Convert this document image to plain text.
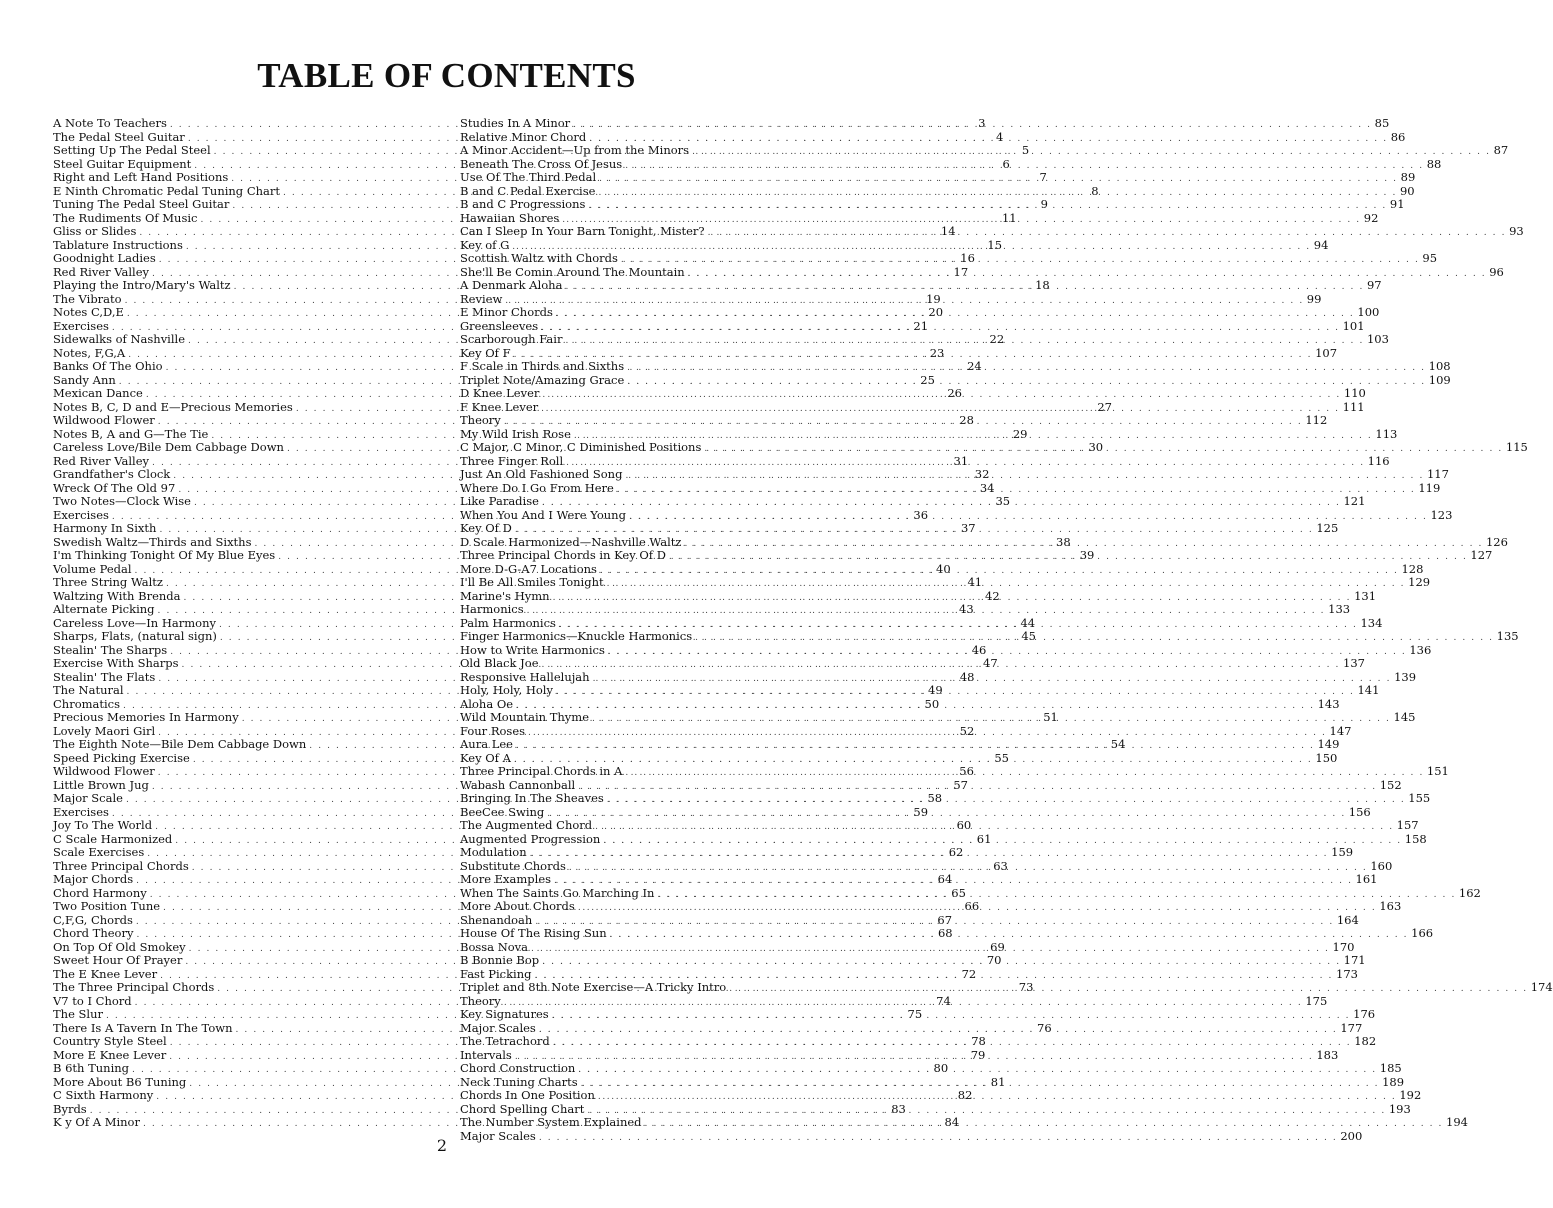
TABLE OF CONTENTS
A Note To Teachers . . .	3
The Pedal Steel Guitar . . .	4
Setting Up The Pedal Steel . . .	5
Steel Guitar Equipment . . .	6
Right and Left Hand Positions . . .	7
E Ninth Chromatic Pedal Tuning Chart . . .	8
Tuning The Pedal Steel Guitar . . .	9
The Rudiments Of Music . . .	11
Gliss or Slides . . .	14
Tablature Instructions . . .	15
Goodnight Ladies . . .	16
Red River Valley . . .	17
Playing the Intro/Mary's Waltz . . .	18
The Vibrato . . .	19
Notes C,D,E . . .	20
Exercises . . .	21
Sidewalks of Nashville . . .	22
Notes, F,G,A . . .	23
Banks Of The Ohio . . .	24
Sandy Ann . . .	25
Mexican Dance . . .	26
Notes B, C, D and E—Precious Memories . . .	27
Wildwood Flower . . .	28
Notes B, A and G—The Tie . . .	29
Careless Love/Bile Dem Cabbage Down . . .	30
Red River Valley . . .	31
Grandfather's Clock . . .	32
Wreck Of The Old 97 . . .	34
Two Notes—Clock Wise . . .	35
Exercises . . .	36
Harmony In Sixth . . .	37
Swedish Waltz—Thirds and Sixths . . .	38
I'm Thinking Tonight Of My Blue Eyes . . .	39
Volume Pedal . . .	40
Three String Waltz . . .	41
Waltzing With Brenda . . .	42
Alternate Picking . . .	43
Careless Love—In Harmony . . .	44
Sharps, Flats, (natural sign) . . .	45
Stealin' The Sharps . . .	46
Exercise With Sharps . . .	47
Stealin' The Flats . . .	48
The Natural . . .	49
Chromatics . . .	50
Precious Memories In Harmony . . .	51
Lovely Maori Girl . . .	52
The Eighth Note—Bile Dem Cabbage Down . . .	54
Speed Picking Exercise . . .	55
Wildwood Flower . . .	56
Little Brown Jug . . .	57
Major Scale . . .	58
Exercises . . .	59
Joy To The World . . .	60
C Scale Harmonized . . .	61
Scale Exercises . . .	62
Three Principal Chords . . .	63
Major Chords . . .	64
Chord Harmony . . .	65
Two Position Tune . . .	66
C,F,G, Chords . . .	67
Chord Theory . . .	68
On Top Of Old Smokey . . .	69
Sweet Hour Of Prayer . . .	70
The E Knee Lever . . .	72
The Three Principal Chords . . .	73
V7 to I Chord . . .	74
The Slur . . .	75
There Is A Tavern In The Town . . .	76
Country Style Steel . . .	78
More E Knee Lever . . .	79
B 6th Tuning . . .	80
More About B6 Tuning . . .	81
C Sixth Harmony . . .	82
Byrds . . .	83
K y Of A Minor . . .	84
Studies In A Minor . . .	85
Relative Minor Chord . . .	86
A Minor Accident—Up from the Minors . . .	87
Beneath The Cross Of Jesus . . .	88
Use Of The Third Pedal . . .	89
B and C Pedal Exercise . . .	90
B and C Progressions . . .	91
Hawaiian Shores . . .	92
Can I Sleep In Your Barn Tonight, Mister? . . .	93
Key of G . . .	94
Scottish Waltz with Chords . . .	95
She'll Be Comin Around The Mountain . . .	96
A Denmark Aloha . . .	97
Review . . .	99
E Minor Chords . . .	100
Greensleeves . . .	101
Scarborough Fair . . .	103
Key Of F . . .	107
F Scale in Thirds and Sixths . . .	108
Triplet Note/Amazing Grace . . .	109
D Knee Lever . . .	110
F Knee Lever . . .	111
Theory . . .	112
My Wild Irish Rose . . .	113
C Major, C Minor, C Diminished Positions . . .	115
Three Finger Roll . . .	116
Just An Old Fashioned Song . . .	117
Where Do I Go From Here . . .	119
Like Paradise . . .	121
When You And I Were Young . . .	123
Key Of D . . .	125
D Scale Harmonized—Nashville Waltz . . .	126
Three Principal Chords in Key Of D . . .	127
More D-G-A7 Locations . . .	128
I'll Be All Smiles Tonight . . .	129
Marine's Hymn . . .	131
Harmonics . . .	133
Palm Harmonics . . .	134
Finger Harmonics—Knuckle Harmonics . . .	135
How to Write Harmonics . . .	136
Old Black Joe . . .	137
Responsive Hallelujah . . .	139
Holy, Holy, Holy . . .	141
Aloha Oe . . .	143
Wild Mountain Thyme . . .	145
Four Roses . . .	147
Aura Lee . . .	149
Key Of A . . .	150
Three Principal Chords in A . . .	151
Wabash Cannonball . . .	152
Bringing In The Sheaves . . .	155
BeeCee Swing . . .	156
The Augmented Chord . . .	157
Augmented Progression . . .	158
Modulation . . .	159
Substitute Chords . . .	160
More Examples . . .	161
When The Saints Go Marching In . . .	162
More About Chords . . .	163
Shenandoah . . .	164
House Of The Rising Sun . . .	166
Bossa Nova . . .	170
B Bonnie Bop . . .	171
Fast Picking . . .	173
Triplet and 8th Note Exercise—A Tricky Intro . . .	174
Theory . . .	175
Key Signatures . . .	176
Major Scales . . .	177
The Tetrachord . . .	182
Intervals . . .	183
Chord Construction . . .	185
Neck Tuning Charts . . .	189
Chords In One Position . . .	192
Chord Spelling Chart . . .	193
The Number System Explained . . .	194
Major Scales . . .	200

2
